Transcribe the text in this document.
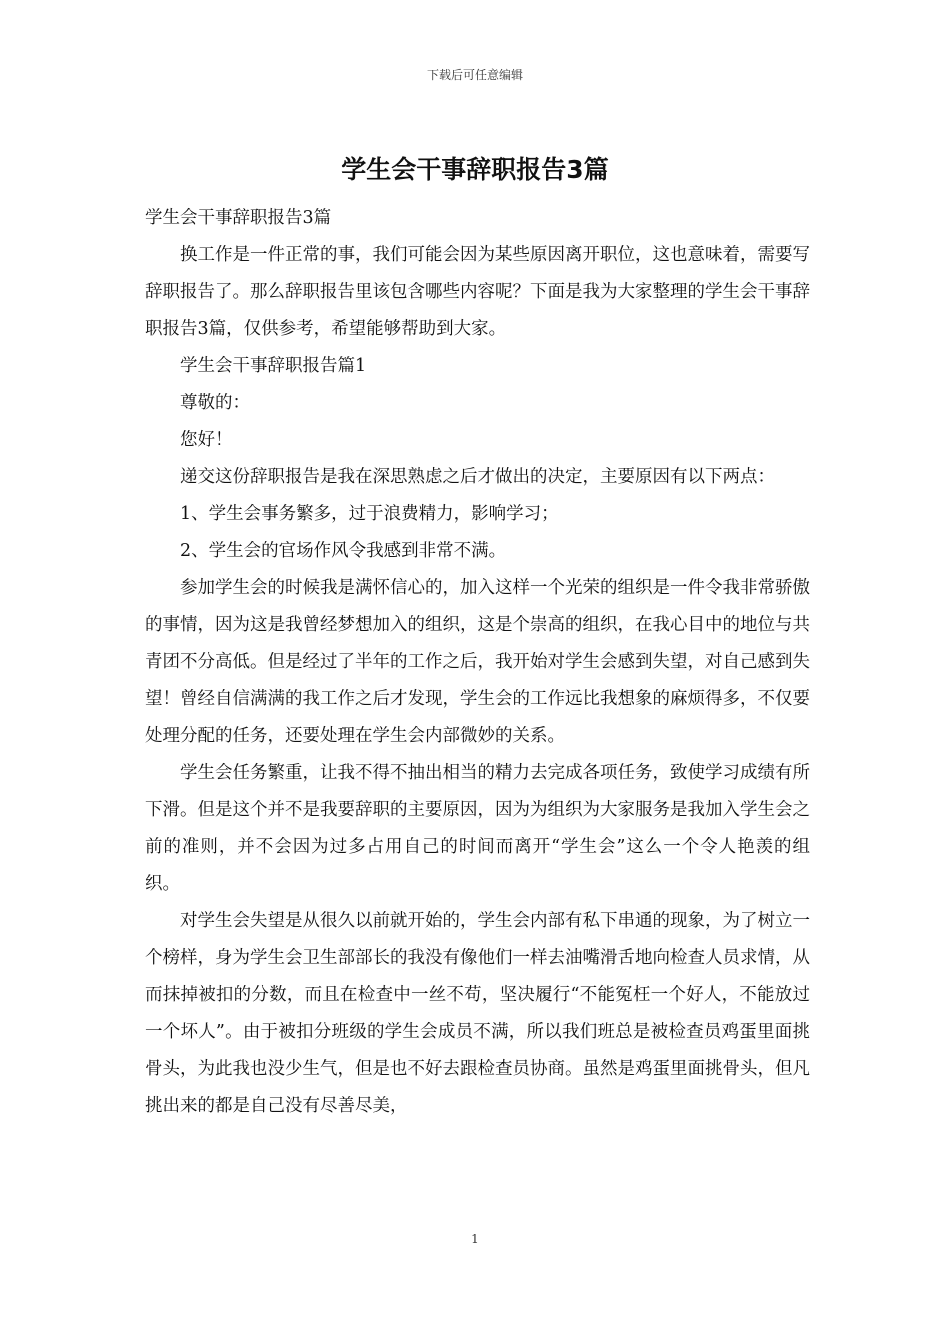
下载后可任意编辑
学生会干事辞职报告3篇

学生会干事辞职报告3篇

换工作是一件正常的事，我们可能会因为某些原因离开职位，这也意味着，需要写辞职报告了。那么辞职报告里该包含哪些内容呢？下面是我为大家整理的学生会干事辞职报告3篇，仅供参考，希望能够帮助到大家。

学生会干事辞职报告篇1

尊敬的：

您好！

递交这份辞职报告是我在深思熟虑之后才做出的决定，主要原因有以下两点：

1、学生会事务繁多，过于浪费精力，影响学习；

2、学生会的官场作风令我感到非常不满。

参加学生会的时候我是满怀信心的，加入这样一个光荣的组织是一件令我非常骄傲的事情，因为这是我曾经梦想加入的组织，这是个崇高的组织，在我心目中的地位与共青团不分高低。但是经过了半年的工作之后，我开始对学生会感到失望，对自己感到失望！曾经自信满满的我工作之后才发现，学生会的工作远比我想象的麻烦得多，不仅要处理分配的任务，还要处理在学生会内部微妙的关系。

学生会任务繁重，让我不得不抽出相当的精力去完成各项任务，致使学习成绩有所下滑。但是这个并不是我要辞职的主要原因，因为为组织为大家服务是我加入学生会之前的准则，并不会因为过多占用自己的时间而离开“学生会”这么一个令人艳羡的组织。

对学生会失望是从很久以前就开始的，学生会内部有私下串通的现象，为了树立一个榜样，身为学生会卫生部部长的我没有像他们一样去油嘴滑舌地向检查人员求情，从而抹掉被扣的分数，而且在检查中一丝不苟，坚决履行“不能冤枉一个好人，不能放过一个坏人”。由于被扣分班级的学生会成员不满，所以我们班总是被检查员鸡蛋里面挑骨头，为此我也没少生气，但是也不好去跟检查员协商。虽然是鸡蛋里面挑骨头，但凡挑出来的都是自己没有尽善尽美，

1
